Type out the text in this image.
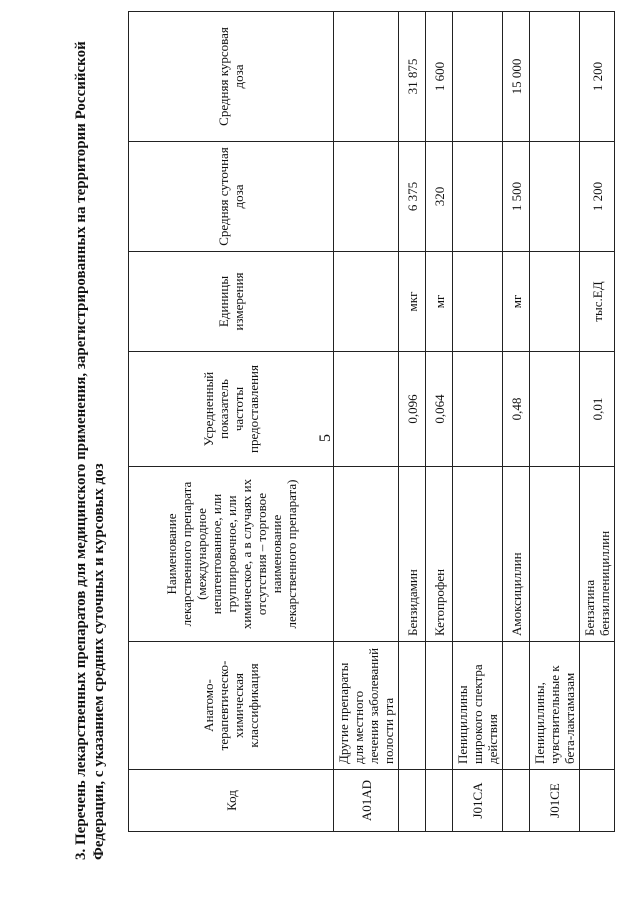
5
3. Перечень лекарственных препаратов для медицинского применения, зарегистрированных на территории Российской Федерации, с указанием средних суточных и курсовых доз	Код	Анатомо-терапевтическо-химическая классификация	Наименование лекарственного препарата (международное непатентованное, или группировочное, или химическое, а в случаях их отсутствия – торговое наименование лекарственного препарата)	Усредненный показатель частоты предоставления	Единицы измерения	Средняя суточная доза	Средняя курсовая доза
A01AD	Другие препараты для местного лечения заболеваний полости рта					
		Бензидамин	0,096	мкг	6 375	31 875
		Кетопрофен	0,064	мг	320	1 600
J01CA	Пенициллины широкого спектра действия					
		Амоксициллин	0,48	мг	1 500	15 000
J01CE	Пенициллины, чувствительные к бета-лактамазам					
		Бензатина бензилпенициллин	0,01	тыс.ЕД	1 200	1 200
